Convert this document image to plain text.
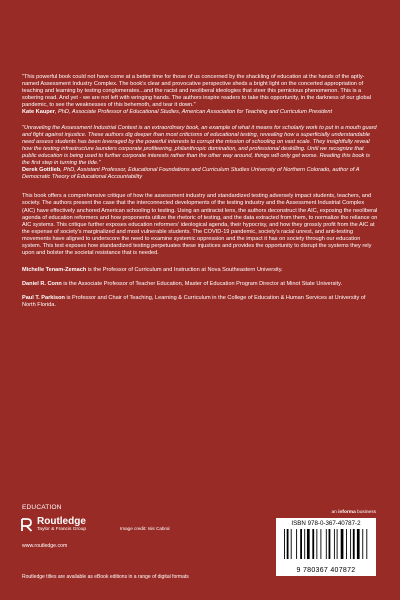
"This powerful book could not have come at a better time for those of us concerned by the shackling of education at the hands of the aptly-named Assessment Industry Complex. The book's clear and provocative perspective sheds a bright light on the concerted appropriation of teaching and learning by testing conglomerates...and the racist and neoliberal ideologies that steer this pernicious phenomenon. This is a sobering read. And yet - we are not left with wringing hands. The authors inspire readers to take this opportunity, in the darkness of our global pandemic, to see the weaknesses of this behemoth, and tear it down."
Kate Kauper, PhD, Associate Professor of Educational Studies, American Association for Teaching and Curriculum President

"Unraveling the Assessment Industrial Context is an extraordinary book, an example of what it means for scholarly work to put in a mouth guard and fight against injustice. These authors dig deeper than most criticisms of educational testing, revealing how a superficially understandable need assess students has been leveraged by the powerful interests to corrupt the mission of schooling on vast scale. They insightfully reveal how the testing infrastructure launders corporate profiteering, philanthropic domination, and professional deskilling. Until we recognize that public education is being used to further corporate interests rather than the other way around, things will only get worse. Reading this book is the first step in turning the tide."
Derek Gottlieb, PhD, Assistant Professor, Educational Foundations and Curriculum Studies University of Northern Colorado, author of A Democratic Theory of Educational Accountability

This book offers a comprehensive critique of how the assessment industry and standardized testing adversely impact students, teachers, and society. The authors present the case that the interconnected developments of the testing industry and the Assessment Industrial Complex (AIC) have effectively anchored American schooling to testing. Using an antiracist lens, the authors deconstruct the AIC, exposing the neoliberal agenda of education reformers and how proponents utilize the rhetoric of testing, and the data extracted from them, to normalize the reliance on AIC systems. This critique further exposes education reformers' ideological agenda, their hypocrisy, and how they grossly profit from the AIC at the expense of society's marginalized and most vulnerable students. The COVID-19 pandemic, society's racial unrest, and anti-testing movements have aligned to underscore the need to examine systemic oppression and the impact it has on society through our education system. This text exposes how standardized testing perpetuates these injustices and provides the opportunity to disrupt the systems they rely upon and bolster the societal resistance that is needed.

Michelle Tenam-Zemach is the Professor of Curriculum and Instruction at Nova Southeastern University.

Daniel R. Conn is the Associate Professor of Teacher Education, Master of Education Program Director at Minot State University.

Paul T. Parkison is Professor and Chair of Teaching, Learning & Curriculum in the College of Education & Human Services at University of North Florida.

EDUCATION
Routledge
Taylor & Francis Group	Image credit: Isis Cabral
www.routledge.com
Routledge titles are available as eBook editions in a range of digital formats
an informa business
ISBN 978-0-367-40787-2
9 780367 407872
